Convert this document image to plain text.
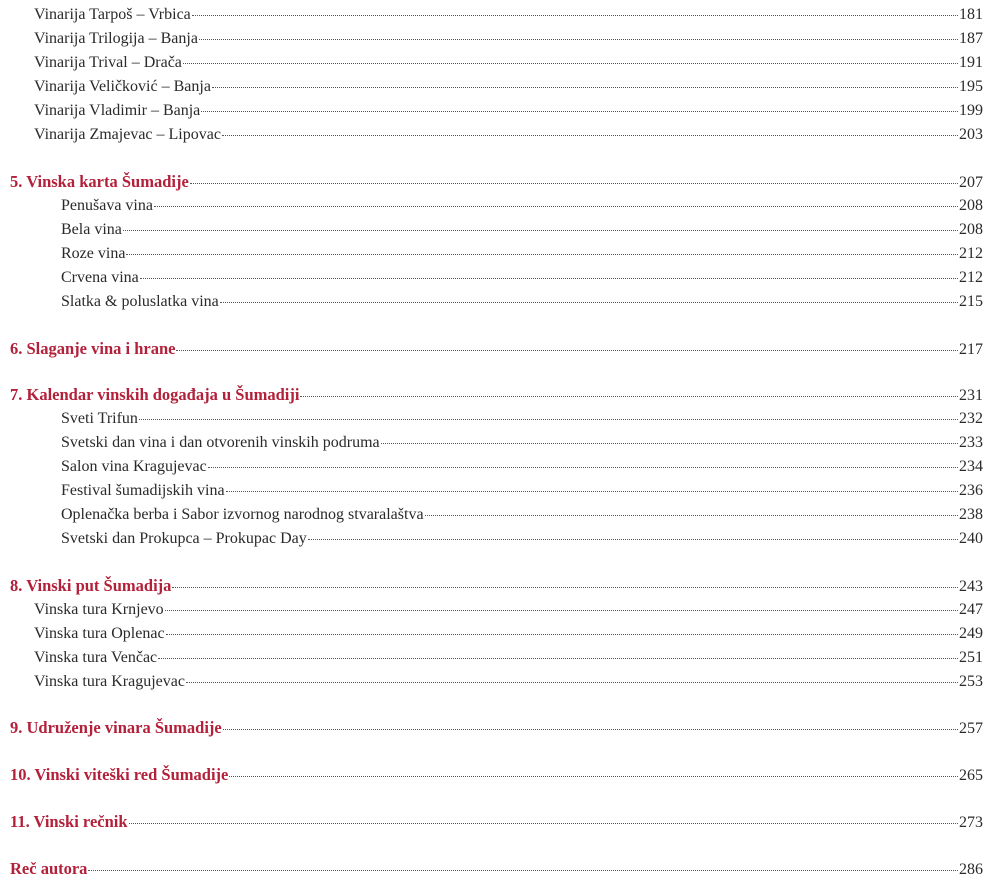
Vinarija Tarpoš – Vrbica	181
Vinarija Trilogija – Banja	187
Vinarija Trival – Drača	191
Vinarija Veličković – Banja	195
Vinarija Vladimir – Banja	199
Vinarija Zmajevac – Lipovac	203
5. Vinska karta Šumadije	207
Penušava vina	208
Bela vina	208
Roze vina	212
Crvena vina	212
Slatka & poluslatka vina	215
6. Slaganje vina i hrane	217
7. Kalendar vinskih događaja u Šumadiji	231
Sveti Trifun	232
Svetski dan vina i dan otvorenih vinskih podruma	233
Salon vina Kragujevac	234
Festival šumadijskih vina	236
Oplenačka berba i Sabor izvornog narodnog stvaralaštva	238
Svetski dan Prokupca – Prokupac Day	240
8. Vinski put Šumadija	243
Vinska tura Krnjevo	247
Vinska tura Oplenac	249
Vinska tura Venčac	251
Vinska tura Kragujevac	253
9. Udruženje vinara Šumadije	257
10. Vinski viteški red Šumadije	265
11. Vinski rečnik	273
Reč autora	286
